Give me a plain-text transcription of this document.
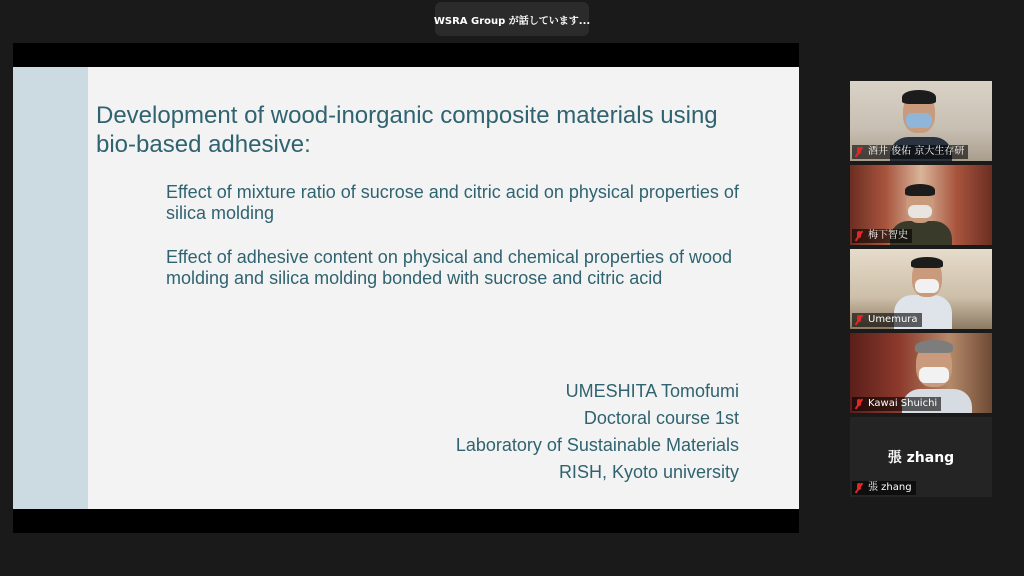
WSRA Group が話しています...
Development of wood-inorganic composite materials using bio-based adhesive:

Effect of mixture ratio of sucrose and citric acid on physical properties of silica molding

Effect of adhesive content on physical and chemical properties of wood molding and silica molding bonded with sucrose and citric acid

UMESHITA Tomofumi
Doctoral course 1st
Laboratory of Sustainable Materials
RISH, Kyoto university
酒井 俊佑 京大生存研
梅下智史
Umemura
Kawai Shuichi
張 zhang
張 zhang
